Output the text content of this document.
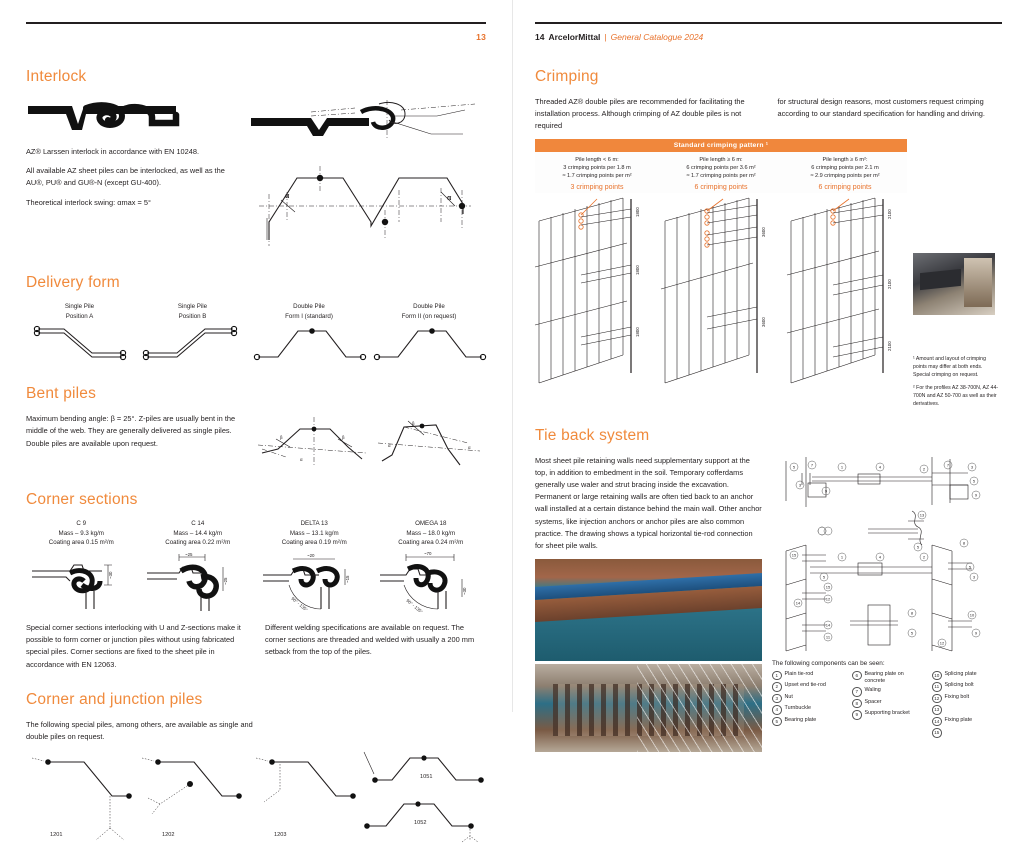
13
Interlock

AZ® Larssen interlock in accordance with EN 10248.

All available AZ sheet piles can be interlocked, as well as the AU®, PU® and GU®-N (except GU-400).

Theoretical interlock swing: αmax = 5°

α	α
Delivery form
Single Pile
Position A
Single Pile
Position B
Double Pile
Form I (standard)
Double Pile
Form II (on request)
Bent piles

Maximum bending angle: β = 25°. Z-piles are usually bent in the middle of the web. They are generally delivered as single piles. Double piles are available upon request.

β	β
α
β
α	α
Corner sections
C 9
Mass – 9.3 kg/m
Coating area 0.15 m²/m
~30
C 14
Mass – 14.4 kg/m
Coating area 0.22 m²/m
~25
~25
DELTA 13
Mass – 13.1 kg/m
Coating area 0.19 m²/m
~20
~15
90° - 135°
OMEGA 18
Mass – 18.0 kg/m
Coating area 0.24 m²/m
~70
~30
90° - 135°

Special corner sections interlocking with U and Z-sections make it possible to form corner or junction piles without using fabricated special piles. Corner sections are fixed to the sheet pile in accordance with EN 12063.

Different welding specifications are available on request. The corner sections are threaded and welded with usually a 200 mm setback from the top of the piles.

Corner and junction piles

The following special piles, among others, are available as single and double piles on request.

1201	1202	1203
1051
1052
14 ArcelorMittal | General Catalogue 2024
Crimping

Threaded AZ® double piles are recommended for facilitating the installation process. Although crimping of AZ double piles is not required

for structural design reasons, most customers request crimping according to our standard specification for handling and driving.

Standard crimping pattern ¹
Pile length < 6 m:
3 crimping points per 1.8 m
≈ 1.7 crimping points per m²
3 crimping points
Pile length ≥ 6 m:
6 crimping points per 3.6 m²
≈ 1.7 crimping points per m²
6 crimping points
Pile length ≥ 6 m²:
6 crimping points per 2.1 m
≈ 2.9 crimping points per m²
6 crimping points
1800
1800
1800
3600
3600
2100
2100
2100
¹ Amount and layout of crimping points may differ at both ends. Special crimping on request.
² For the profiles AZ 38-700N, AZ 44-700N and AZ 50-700 as well as their derivatives.
Tie back system

Most sheet pile retaining walls need supplementary support at the top, in addition to embedment in the soil. Temporary cofferdams generally use waler and strut bracing inside the excavation. Permanent or large retaining walls are often tied back to an anchor wall installed at a certain distance behind the main wall. Other anchor systems, like injection anchors or anchor piles are also common practice. The drawing shows a typical horizontal tie-rod connection for sheet pile walls.

5	7	1	4	2
7	3
5
9
3
9
13
5
1	4	2
15
15
12
14
14
11
8
5
3
10
9
12
8
5
5
The following components can be seen:
1	Plain tie-rod
2	Upset end tie-rod
3	Nut
4	Turnbuckle
5	Bearing plate
6	Bearing plate on concrete
7	Waling
8	Spacer
9	Supporting bracket
10 Splicing plate
11 Splicing bolt
12 Fixing bolt
13
14 Fixing plate
15
